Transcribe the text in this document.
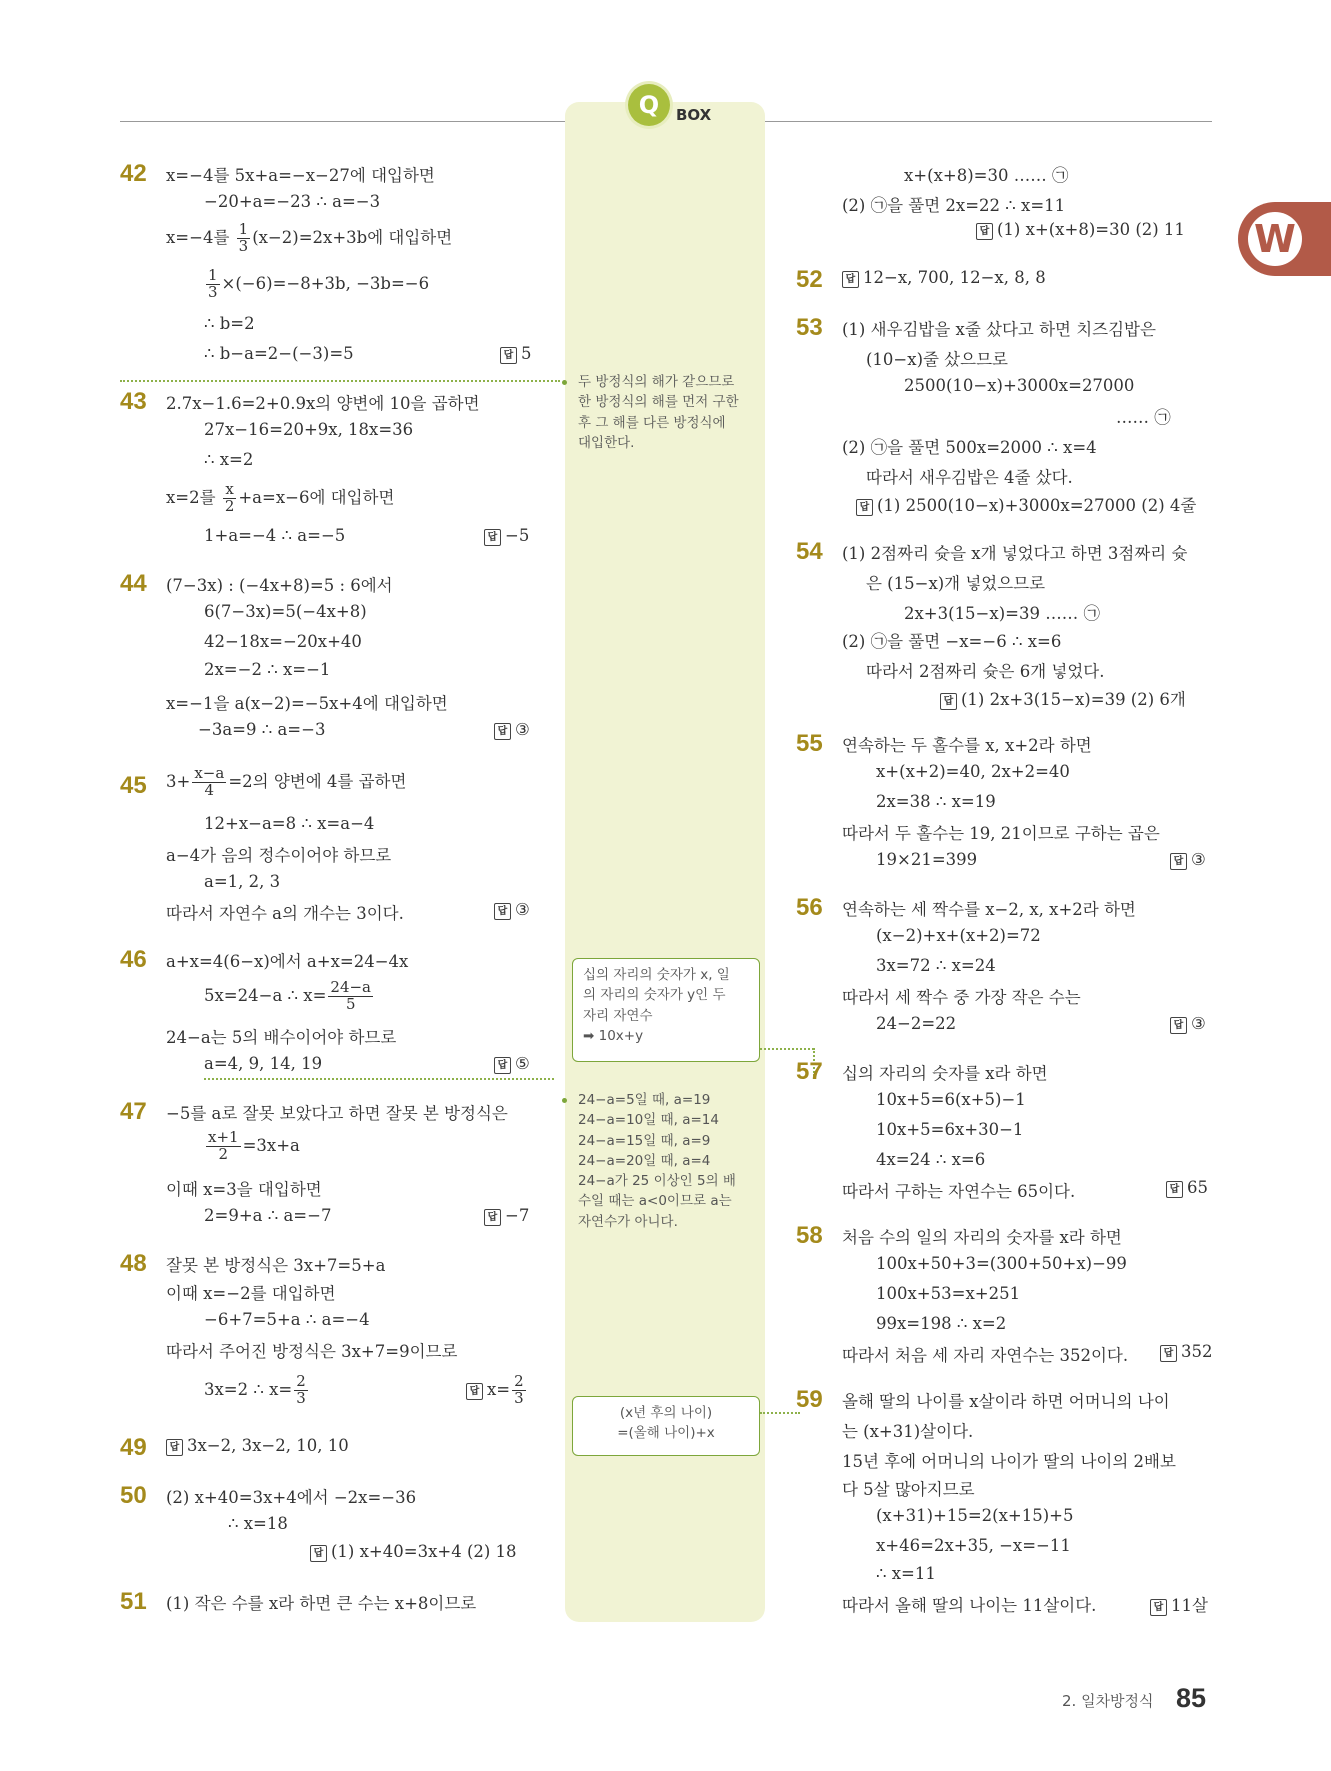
Q	BOX
W
42 x=−4를 5x+a=−x−27에 대입하면
−20+a=−23 ∴ a=−3
x=−4를 $\frac{1}{3} (x-2)=2x+3b$에 대입하면
$\frac{1}{3} \times(-6)=-8+3b$, −3b=−6
∴ b=2
∴ b−a=2−(−3)=5	답 5
43 2.7x−1.6=2+0.9x의 양변에 10을 곱하면
27x−16=20+9x, 18x=36
∴ x=2
x=2를 $\frac{x}{2} +a=x-6$에 대입하면
1+a=−4 ∴ a=−5	답 −5
44 (7−3x) : (−4x+8)=5 : 6에서
6(7−3x)=5(−4x+8)
42−18x=−20x+40
2x=−2 ∴ x=−1
x=−1을 a(x−2)=−5x+4에 대입하면
−3a=9 ∴ a=−3	답 ③
45 $3+ \frac{x-a}{4} =2$의 양변에 4를 곱하면
12+x−a=8 ∴ x=a−4
a−4가 음의 정수이어야 하므로
a=1, 2, 3
따라서 자연수 a의 개수는 3이다.	답 ③
46 a+x=4(6−x)에서 a+x=24−4x
5x=24−a ∴ $x= \frac{24-a}{5}$
24−a는 5의 배수이어야 하므로
a=4, 9, 14, 19	답 ⑤
47 −5를 a로 잘못 보았다고 하면 잘못 본 방정식은
$\frac{x+1}{2} =3x+a$
이때 x=3을 대입하면
2=9+a ∴ a=−7	답 −7
48 잘못 본 방정식은 3x+7=5+a
이때 x=−2를 대입하면
−6+7=5+a ∴ a=−4
따라서 주어진 방정식은 3x+7=9이므로
3x=2 ∴ $x= \frac{2}{3}$	답 $x= \frac{2}{3}$
49	답 3x−2, 3x−2, 10, 10
50 (2) x+40=3x+4에서 −2x=−36
∴ x=18
답 (1) x+40=3x+4 (2) 18
51 (1) 작은 수를 x라 하면 큰 수는 x+8이므로
두 방정식의 해가 같으므로
한 방정식의 해를 먼저 구한
후 그 해를 다른 방정식에
대입한다.
십의 자리의 숫자가 x, 일
의 자리의 숫자가 y인 두
자리 자연수
➡ 10x+y
24−a=5일 때, a=19
24−a=10일 때, a=14
24−a=15일 때, a=9
24−a=20일 때, a=4
24−a가 25 이상인 5의 배
수일 때는 a<0이므로 a는
자연수가 아니다.
(x년 후의 나이)
=(올해 나이)+x
x+(x+8)=30 …… ㉠
(2) ㉠을 풀면 2x=22 ∴ x=11
답 (1) x+(x+8)=30 (2) 11
52	답 12−x, 700, 12−x, 8, 8
53 (1) 새우김밥을 x줄 샀다고 하면 치즈김밥은
(10−x)줄 샀으므로
2500(10−x)+3000x=27000
…… ㉠
(2) ㉠을 풀면 500x=2000 ∴ x=4
따라서 새우김밥은 4줄 샀다.
답 (1) 2500(10−x)+3000x=27000 (2) 4줄
54 (1) 2점짜리 슛을 x개 넣었다고 하면 3점짜리 슛
은 (15−x)개 넣었으므로
2x+3(15−x)=39 …… ㉠
(2) ㉠을 풀면 −x=−6 ∴ x=6
따라서 2점짜리 슛은 6개 넣었다.
답 (1) 2x+3(15−x)=39 (2) 6개
55 연속하는 두 홀수를 x, x+2라 하면
x+(x+2)=40, 2x+2=40
2x=38 ∴ x=19
따라서 두 홀수는 19, 21이므로 구하는 곱은
19×21=399	답 ③
56 연속하는 세 짝수를 x−2, x, x+2라 하면
(x−2)+x+(x+2)=72
3x=72 ∴ x=24
따라서 세 짝수 중 가장 작은 수는
24−2=22	답 ③
57 십의 자리의 숫자를 x라 하면
10x+5=6(x+5)−1
10x+5=6x+30−1
4x=24 ∴ x=6
따라서 구하는 자연수는 65이다.	답 65
58 처음 수의 일의 자리의 숫자를 x라 하면
100x+50+3=(300+50+x)−99
100x+53=x+251
99x=198 ∴ x=2
따라서 처음 세 자리 자연수는 352이다.	답 352
59 올해 딸의 나이를 x살이라 하면 어머니의 나이
는 (x+31)살이다.
15년 후에 어머니의 나이가 딸의 나이의 2배보
다 5살 많아지므로
(x+31)+15=2(x+15)+5
x+46=2x+35, −x=−11
∴ x=11
따라서 올해 딸의 나이는 11살이다.	답 11살
2. 일차방정식 85
